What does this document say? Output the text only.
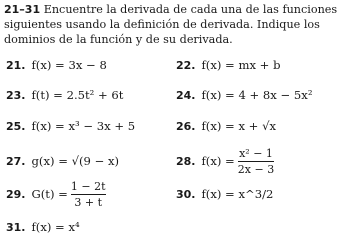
21–31 Encuentre la derivada de cada una de las funciones
siguientes usando la definición de derivada. Indique los
dominios de la función y de su derivada.
21. f(x) = 3x − 8	22. f(x) = mx + b
23. f(t) = 2.5t² + 6t	24. f(x) = 4 + 8x − 5x²
25. f(x) = x³ − 3x + 5	26. f(x) = x + √x
27. g(x) = √(9 − x)	28. $f(x) = \frac{\text{x² − 1}}{2x - 3}$
29. $G(t) = \frac{1 - 2t}{3 + t}$	30. f(x) = x^3/2
31. f(x) = x⁴
